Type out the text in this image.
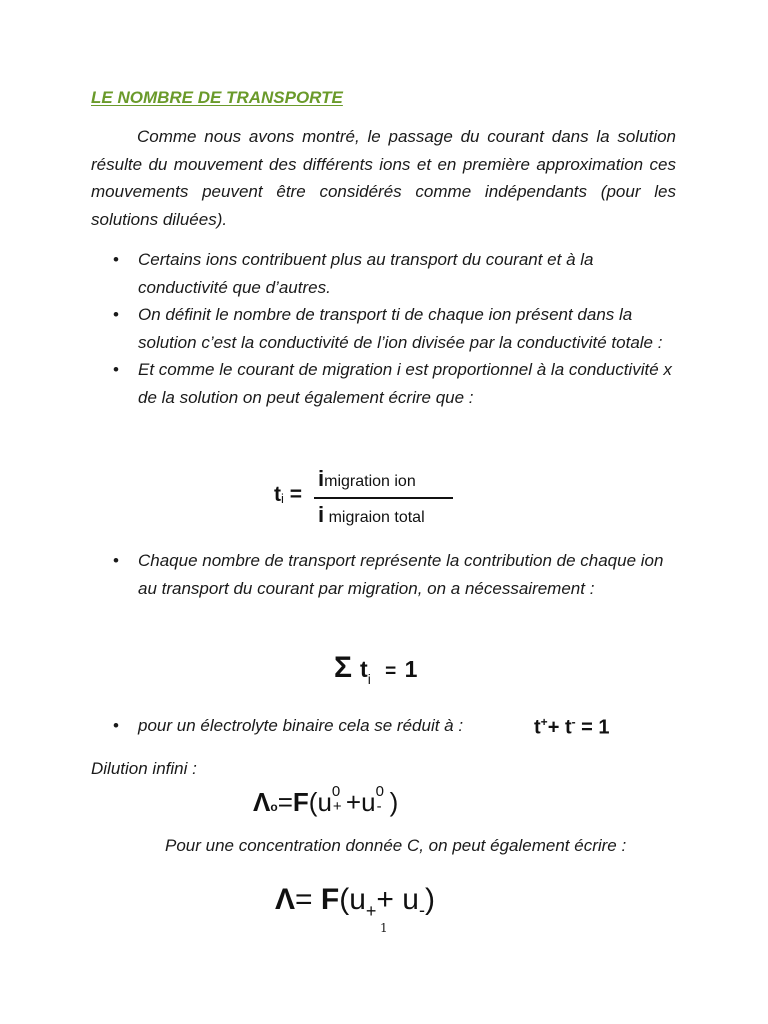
LE NOMBRE DE TRANSPORTE
Comme nous avons montré, le passage du courant dans la solution résulte du mouvement des différents ions et en première approximation ces mouvements peuvent être considérés comme indépendants (pour les solutions diluées).
• Certains ions contribuent plus au transport du courant et à la conductivité que d’autres.
• On définit le nombre de transport ti de chaque ion présent dans la solution c’est la conductivité de l’ion divisée par la conductivité totale :
• Et comme le courant de migration i est proportionnel à la conductivité x de la solution on peut également écrire que :
$t_i$ =
imigration ion
i migraion total
• Chaque nombre de transport représente la contribution de chaque ion au transport du courant par migration, on a nécessairement :
Σ $t_i = 1$
• pour un électrolyte binaire cela se réduit à :	t++ t- = 1
Dilution infini :
Λo=F(u 0
+ +u 0
- )
Pour une concentration donnée C, on peut également écrire :
$\Lambda= F(u_++ u_-)$
1
